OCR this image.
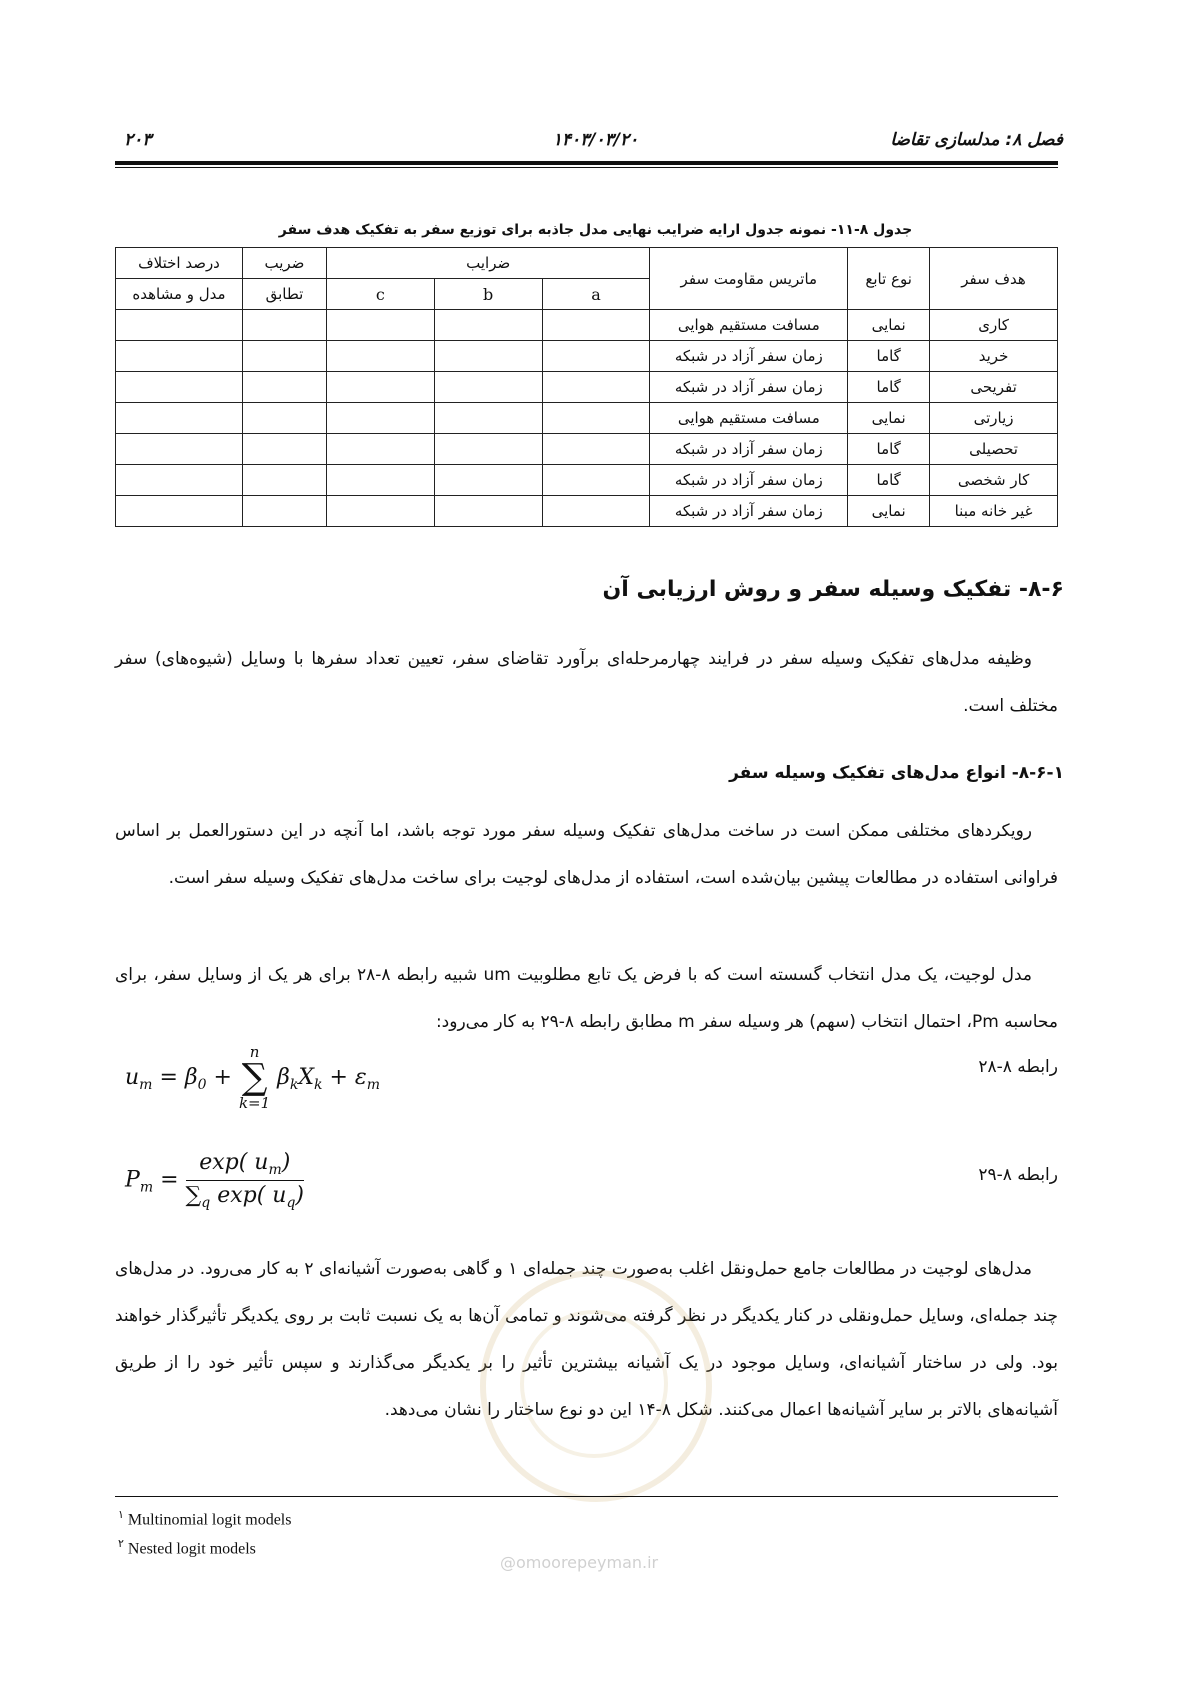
۲۰۳	۱۴۰۳/۰۳/۲۰	فصل ۸: مدلسازی تقاضا
جدول ۸-۱۱- نمونه جدول ارایه ضرایب نهایی مدل جاذبه برای توزیع سفر به تفکیک هدف سفر
هدف سفر	نوع تابع	ماتریس مقاومت سفر	ضرایب			ضریب	درصد اختلاف
			a	b	c	تطابق	مدل و مشاهده
کاری	نمایی	مسافت مستقیم هوایی					
خرید	گاما	زمان سفر آزاد در شبکه					
تفریحی	گاما	زمان سفر آزاد در شبکه					
زیارتی	نمایی	مسافت مستقیم هوایی					
تحصیلی	گاما	زمان سفر آزاد در شبکه					
کار شخصی	گاما	زمان سفر آزاد در شبکه					
غیر خانه مبنا	نمایی	زمان سفر آزاد در شبکه					
۸-۶- تفکیک وسیله سفر و روش ارزیابی آن
وظیفه مدل‌های تفکیک وسیله سفر در فرایند چهارمرحله‌ای برآورد تقاضای سفر، تعیین تعداد سفرها با وسایل (شیوه‌های) سفر مختلف است.
۸-۶-۱- انواع مدل‌های تفکیک وسیله سفر
رویکردهای مختلفی ممکن است در ساخت مدل‌های تفکیک وسیله سفر مورد توجه باشد، اما آنچه در این دستورالعمل بر اساس فراوانی استفاده در مطالعات پیشین بیان‌شده است، استفاده از مدل‌های لوجیت برای ساخت مدل‌های تفکیک وسیله سفر است.
مدل لوجیت، یک مدل انتخاب گسسته است که با فرض یک تابع مطلوبیت um شبیه رابطه ۸-۲۸ برای هر یک از وسایل سفر، برای محاسبه Pm، احتمال انتخاب (سهم) هر وسیله سفر m مطابق رابطه ۸-۲۹ به کار می‌رود:
رابطه ۸-۲۸
$u_m = \beta_0$ +
n
∑
k=1
$\beta_kX_k + \varepsilon_m$
رابطه ۸-۲۹
$P_m = \frac{\exp( u_m)}{\sum_q \exp( u_q)}$
مدل‌های لوجیت در مطالعات جامع حمل‌ونقل اغلب به‌صورت چند جمله‌ای ۱ و گاهی به‌صورت آشیانه‌ای ۲ به کار می‌رود. در مدل‌های چند جمله‌ای، وسایل حمل‌ونقلی در کنار یکدیگر در نظر گرفته می‌شوند و تمامی آن‌ها به یک نسبت ثابت بر روی یکدیگر تأثیرگذار خواهند بود. ولی در ساختار آشیانه‌ای، وسایل موجود در یک آشیانه بیشترین تأثیر را بر یکدیگر می‌گذارند و سپس تأثیر خود را از طریق آشیانه‌های بالاتر بر سایر آشیانه‌ها اعمال می‌کنند. شکل ۸-۱۴ این دو نوع ساختار را نشان می‌دهد.
@omoorepeyman.ir
$^۱$ Multinomial logit models
$^۲$ Nested logit models
